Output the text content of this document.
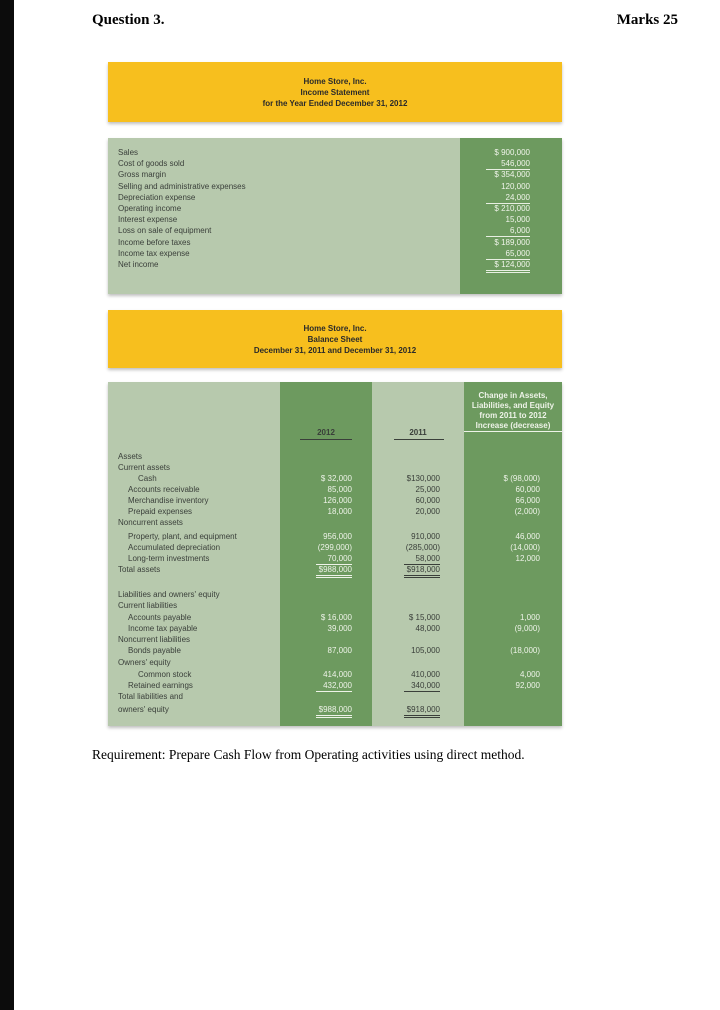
Question 3.	Marks 25
Home Store, Inc.
Income Statement
for the Year Ended December 31, 2012
Sales	$ 900,000
Cost of goods sold	546,000
Gross margin	$ 354,000
Selling and administrative expenses	120,000
Depreciation expense	24,000
Operating income	$ 210,000
Interest expense	15,000
Loss on sale of equipment	6,000
Income before taxes	$ 189,000
Income tax expense	65,000
Net income	$ 124,000
Home Store, Inc.
Balance Sheet
December 31, 2011 and December 31, 2012
2012	2011
Change in Assets,
Liabilities, and Equity
from 2011 to 2012
Increase (decrease)
Assets
Current assets
Cash	$ 32,000	$130,000	$ (98,000)
Accounts receivable	85,000	25,000	60,000
Merchandise inventory	126,000	60,000	66,000
Prepaid expenses	18,000	20,000	(2,000)
Noncurrent assets
Property, plant, and equipment	956,000	910,000	46,000
Accumulated depreciation	(299,000)	(285,000)	(14,000)
Long-term investments	70,000	58,000	12,000
Total assets	$988,000	$918,000
Liabilities and owners' equity
Current liabilities
Accounts payable	$ 16,000	$ 15,000	1,000
Income tax payable	39,000	48,000	(9,000)
Noncurrent liabilities
Bonds payable	87,000	105,000	(18,000)
Owners' equity
Common stock	414,000	410,000	4,000
Retained earnings	432,000	340,000	92,000
Total liabilities and
owners' equity	$988,000	$918,000
Requirement: Prepare Cash Flow from Operating activities using direct method.
